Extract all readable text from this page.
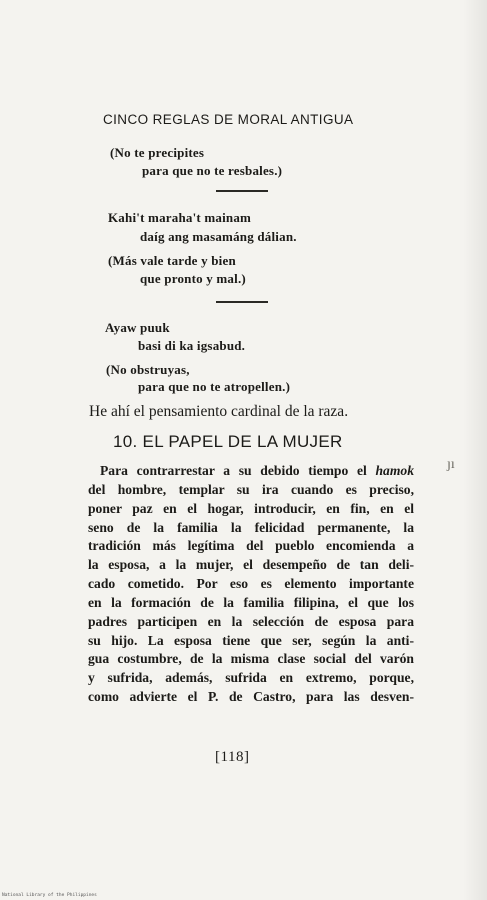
CINCO REGLAS DE MORAL ANTIGUA

(No te precipites

para que no te resbales.)

Kahi't maraha't mainam

daíg ang masamáng dálian.

(Más vale tarde y bien

que pronto y mal.)

Ayaw puuk

basi di ka igsabud.

(No obstruyas,

para que no te atropellen.)

He ahí el pensamiento cardinal de la raza.

10. EL PAPEL DE LA MUJER

ȷı

Para contrarrestar a su debido tiempo el hamok
del hombre, templar su ira cuando es preciso,
poner paz en el hogar, introducir, en fin, en el
seno de la familia la felicidad permanente, la
tradición más legítima del pueblo encomienda a
la esposa, a la mujer, el desempeño de tan deli-
cado cometido. Por eso es elemento importante
en la formación de la familia filipina, el que los
padres participen en la selección de esposa para
su hijo. La esposa tiene que ser, según la anti-
gua costumbre, de la misma clase social del varón
y sufrida, además, sufrida en extremo, porque,
como advierte el P. de Castro, para las desven-

[118]

National Library of the Philippines
